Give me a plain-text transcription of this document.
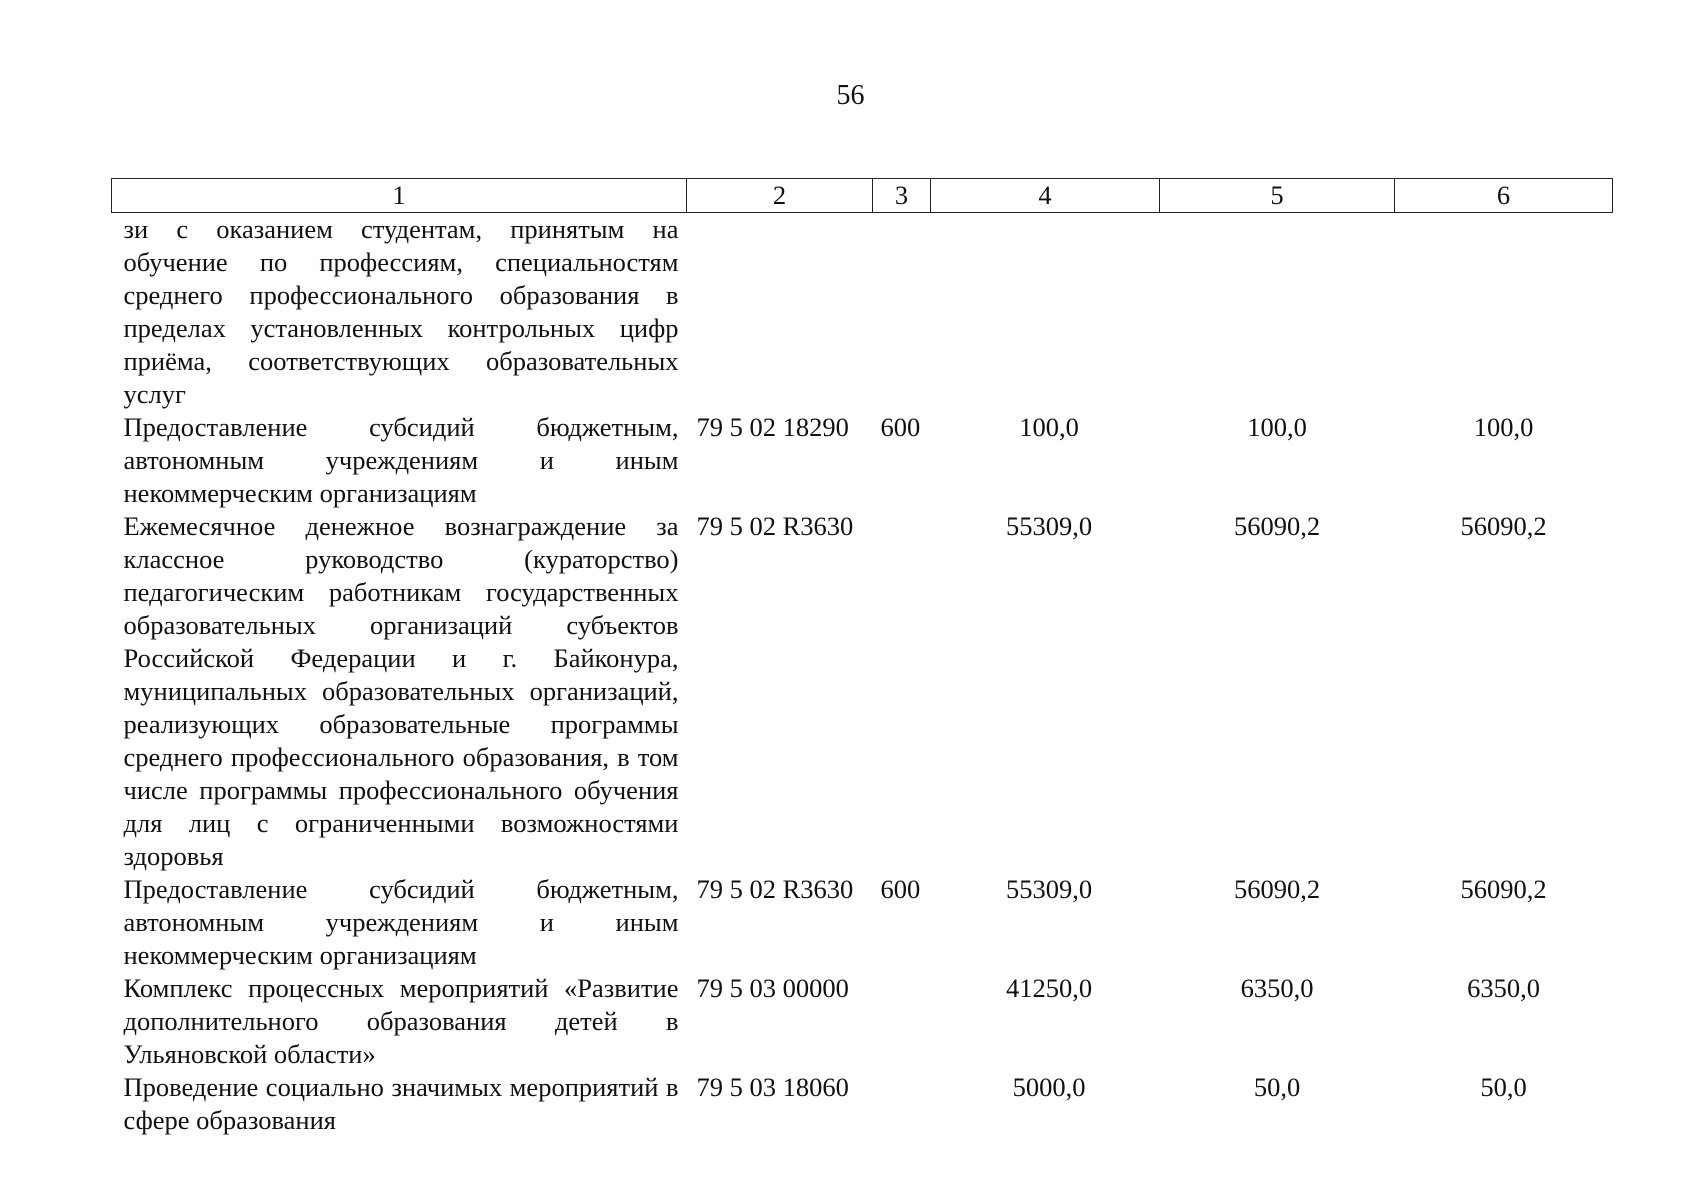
56
1	2	3	4	5	6
зи с оказанием студентам, принятым на обучение по профессиям, специальностям среднего профессионального образования в пределах установленных контрольных цифр приёма, соответствующих образовательных услуг					
Предоставление субсидий бюджетным, автономным учреждениям и иным некоммерческим организациям	79 5 02 18290	600	100,0	100,0	100,0
Ежемесячное денежное вознаграждение за классное руководство (кураторство) педагогическим работникам государственных образовательных организаций субъектов Российской Федерации и г. Байконура, муниципальных образовательных организаций, реализующих образовательные программы среднего профессионального образования, в том числе программы профессионального обучения для лиц с ограниченными возможностями здоровья	79 5 02 R3630		55309,0	56090,2	56090,2
Предоставление субсидий бюджетным, автономным учреждениям и иным некоммерческим организациям	79 5 02 R3630	600	55309,0	56090,2	56090,2
Комплекс процессных мероприятий «Развитие дополнительного образования детей в Ульяновской области»	79 5 03 00000		41250,0	6350,0	6350,0
Проведение социально значимых мероприятий в сфере образования	79 5 03 18060		5000,0	50,0	50,0
